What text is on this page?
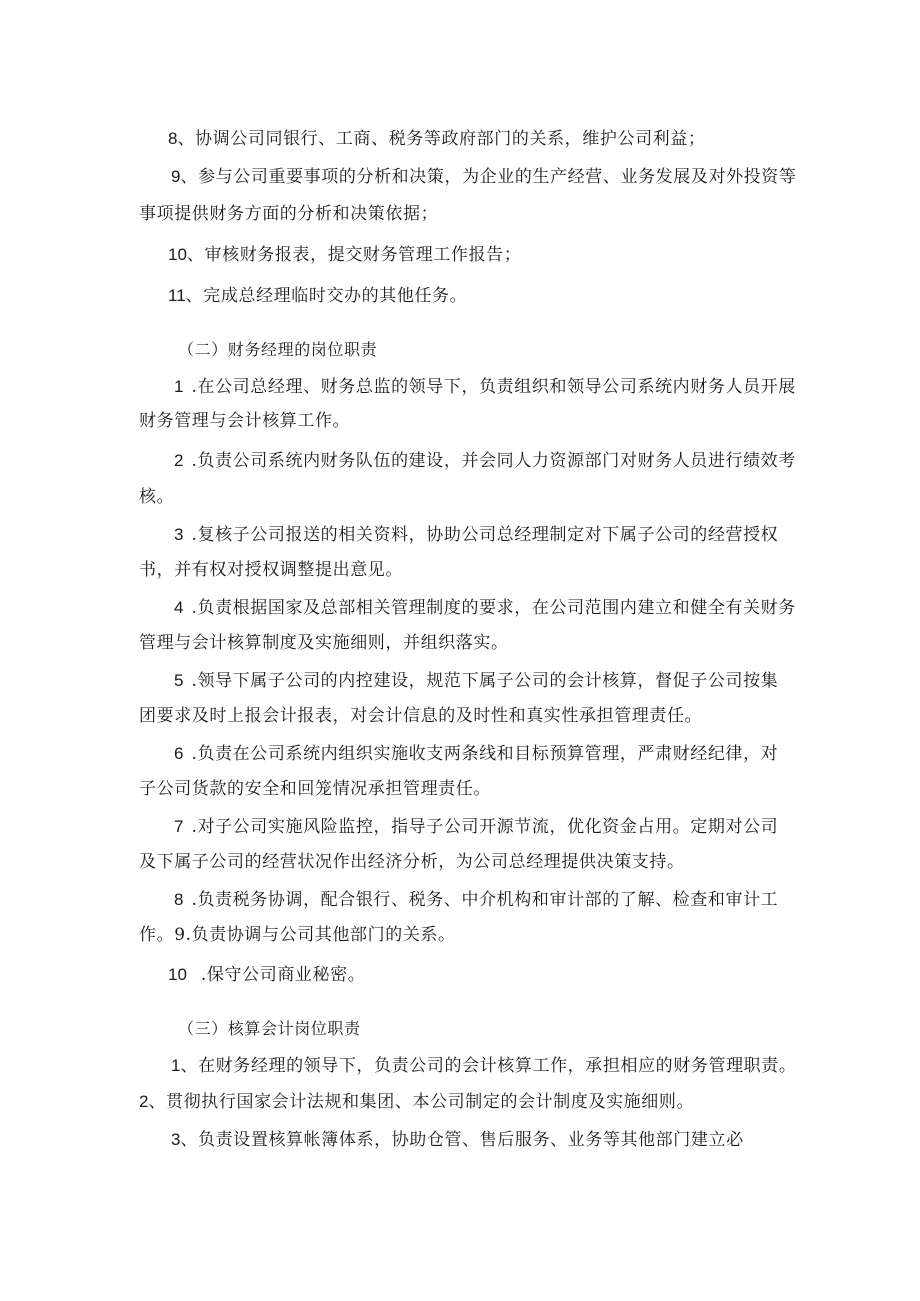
8、协调公司同银行、工商、税务等政府部门的关系，维护公司利益；
9、参与公司重要事项的分析和决策，为企业的生产经营、业务发展及对外投资等
事项提供财务方面的分析和决策依据；
10、审核财务报表，提交财务管理工作报告；
11、完成总经理临时交办的其他任务。
（二）财务经理的岗位职责
1 .在公司总经理、财务总监的领导下，负责组织和领导公司系统内财务人员开展
财务管理与会计核算工作。
2 .负责公司系统内财务队伍的建设，并会同人力资源部门对财务人员进行绩效考
核。
3 .复核子公司报送的相关资料，协助公司总经理制定对下属子公司的经营授权
书，并有权对授权调整提出意见。
4 .负责根据国家及总部相关管理制度的要求，在公司范围内建立和健全有关财务
管理与会计核算制度及实施细则，并组织落实。
5 .领导下属子公司的内控建设，规范下属子公司的会计核算，督促子公司按集
团要求及时上报会计报表，对会计信息的及时性和真实性承担管理责任。
6 .负责在公司系统内组织实施收支两条线和目标预算管理，严肃财经纪律，对
子公司货款的安全和回笼情况承担管理责任。
7 .对子公司实施风险监控，指导子公司开源节流，优化资金占用。定期对公司
及下属子公司的经营状况作出经济分析，为公司总经理提供决策支持。
8 .负责税务协调，配合银行、税务、中介机构和审计部的了解、检查和审计工
作。9.负责协调与公司其他部门的关系。
10 .保守公司商业秘密。
（三）核算会计岗位职责
1、在财务经理的领导下，负责公司的会计核算工作，承担相应的财务管理职责。
2、贯彻执行国家会计法规和集团、本公司制定的会计制度及实施细则。
3、负责设置核算帐簿体系，协助仓管、售后服务、业务等其他部门建立必
